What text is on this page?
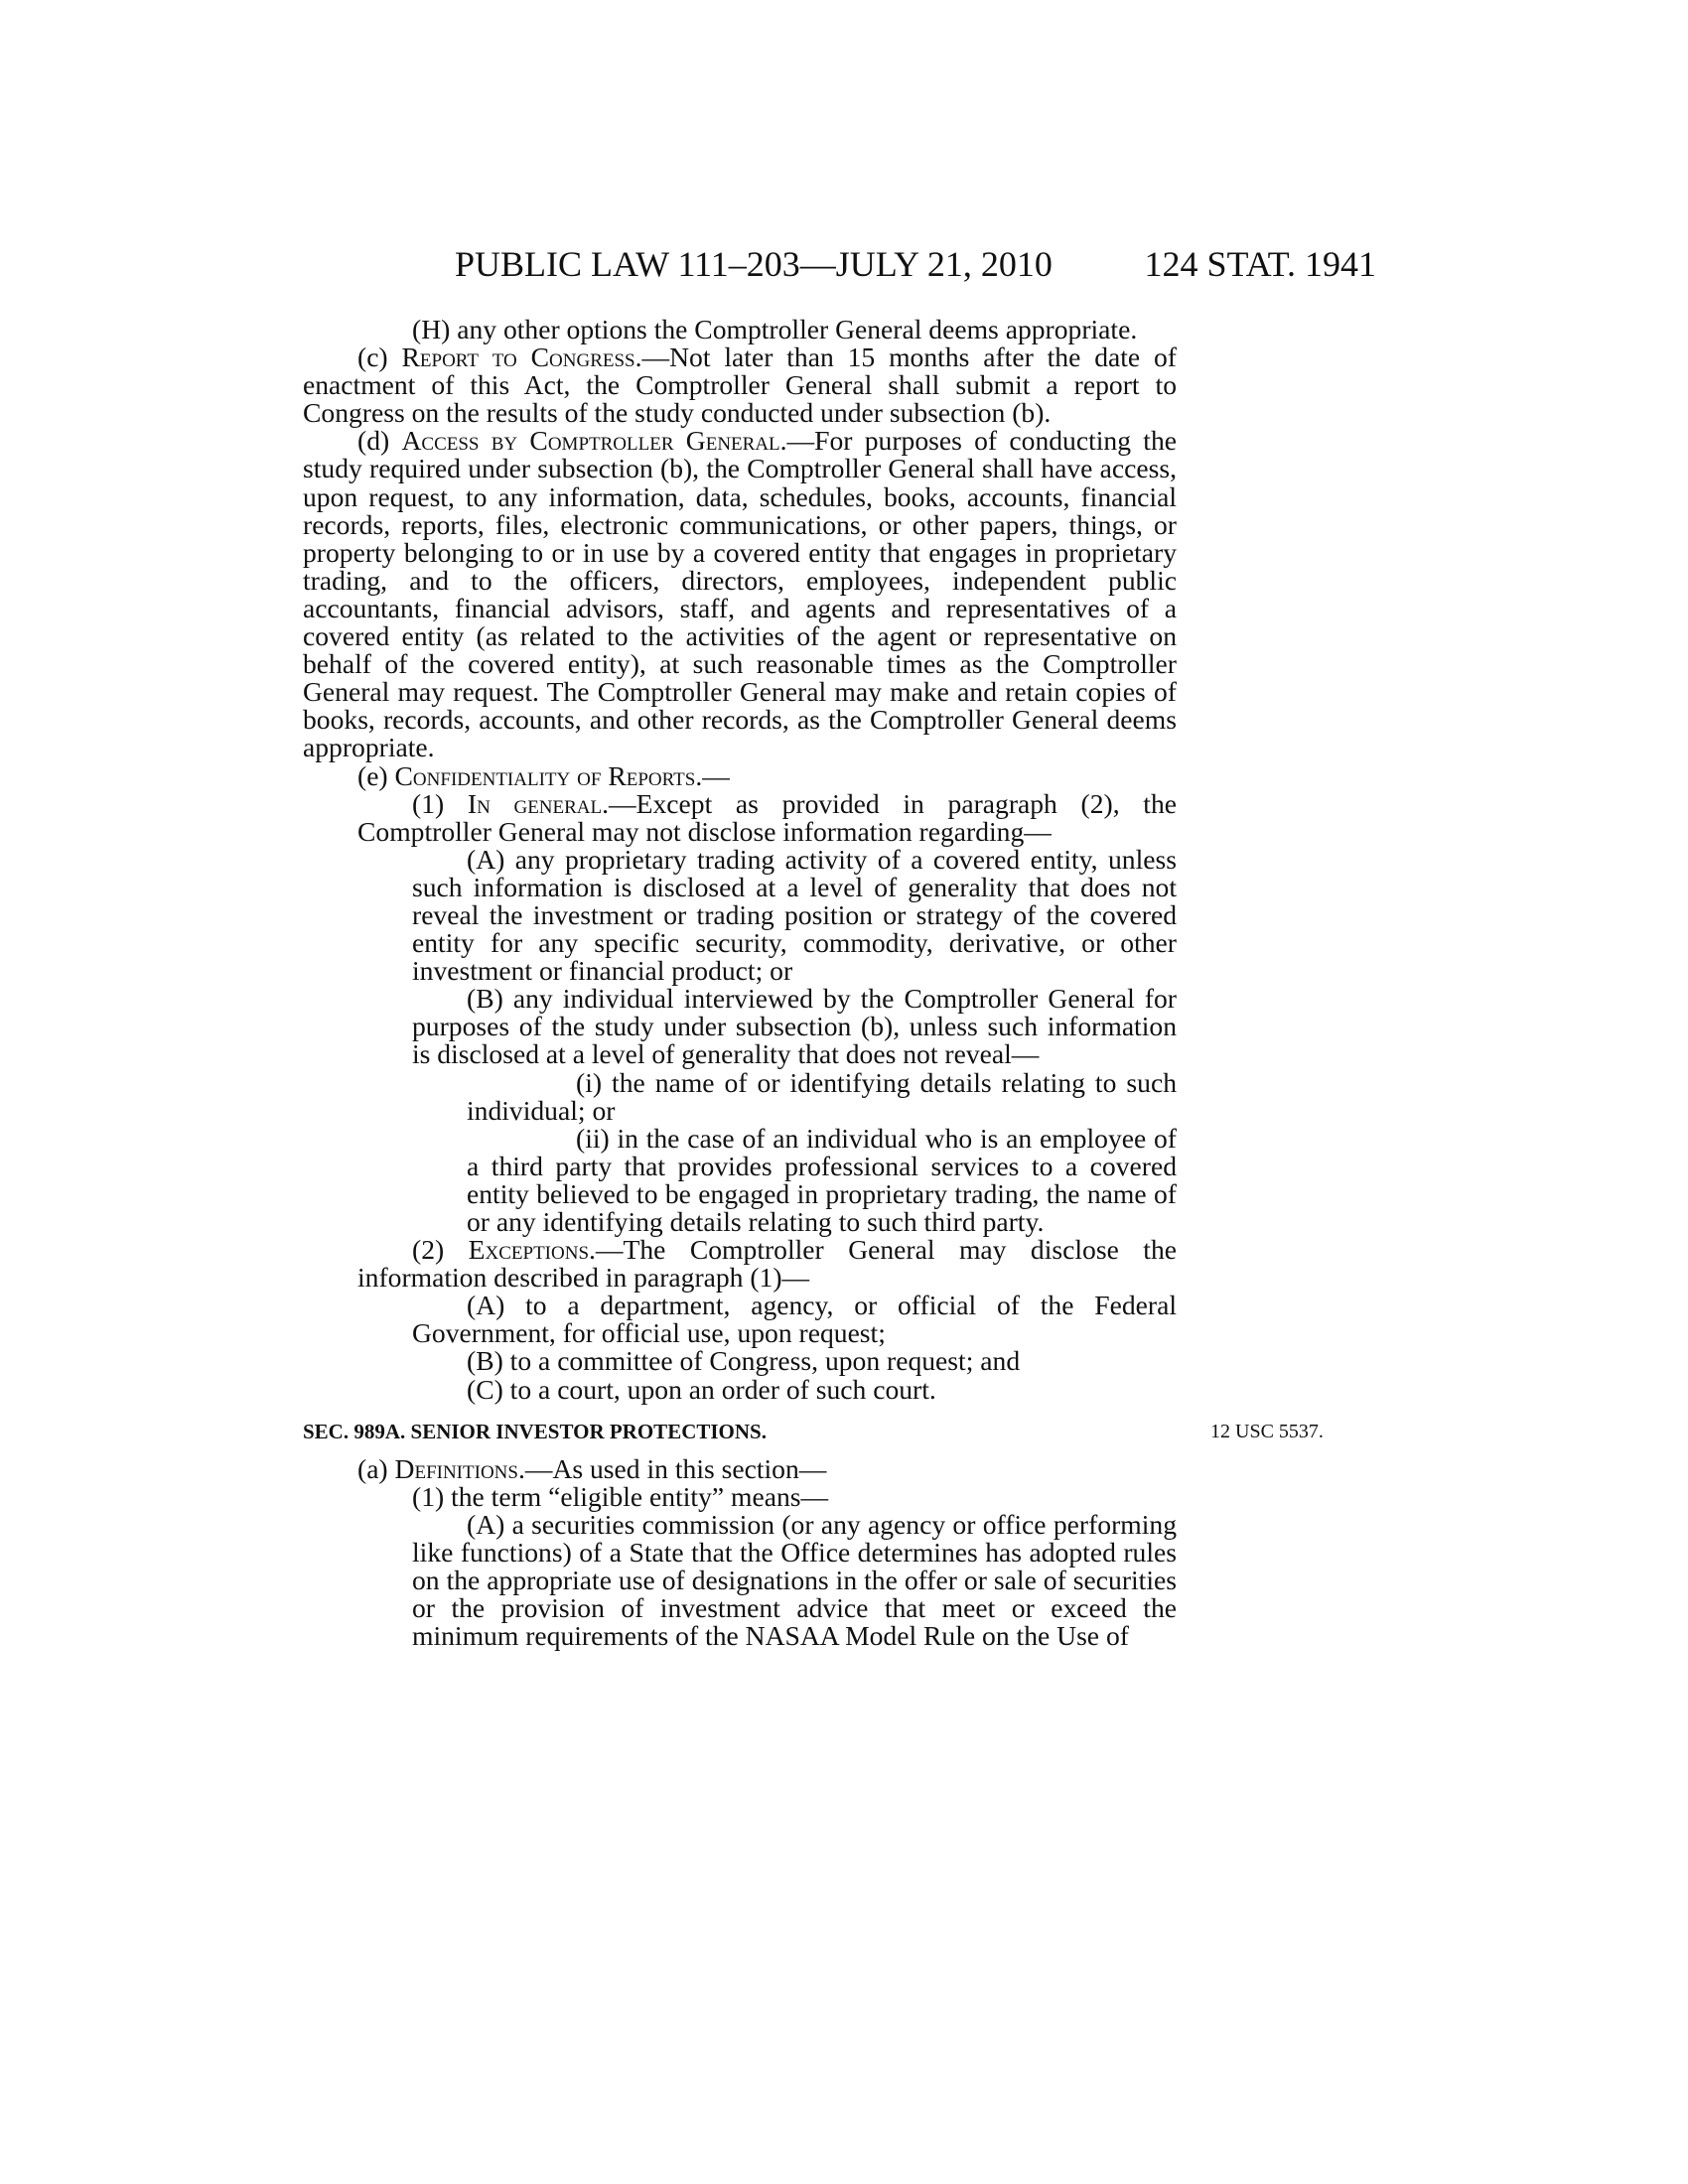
PUBLIC LAW 111–203—JULY 21, 2010	124 STAT. 1941

(H) any other options the Comptroller General deems appropriate.

(c) Report to Congress.—Not later than 15 months after the date of enactment of this Act, the Comptroller General shall submit a report to Congress on the results of the study conducted under subsection (b).

(d) Access by Comptroller General.—For purposes of conducting the study required under subsection (b), the Comptroller General shall have access, upon request, to any information, data, schedules, books, accounts, financial records, reports, files, electronic communications, or other papers, things, or property belonging to or in use by a covered entity that engages in proprietary trading, and to the officers, directors, employees, independent public accountants, financial advisors, staff, and agents and representatives of a covered entity (as related to the activities of the agent or representative on behalf of the covered entity), at such reasonable times as the Comptroller General may request. The Comptroller General may make and retain copies of books, records, accounts, and other records, as the Comptroller General deems appropriate.

(e) Confidentiality of Reports.—

(1) In general.—Except as provided in paragraph (2), the Comptroller General may not disclose information regarding—

(A) any proprietary trading activity of a covered entity, unless such information is disclosed at a level of generality that does not reveal the investment or trading position or strategy of the covered entity for any specific security, commodity, derivative, or other investment or financial product; or

(B) any individual interviewed by the Comptroller General for purposes of the study under subsection (b), unless such information is disclosed at a level of generality that does not reveal—

(i) the name of or identifying details relating to such individual; or

(ii) in the case of an individual who is an employee of a third party that provides professional services to a covered entity believed to be engaged in proprietary trading, the name of or any identifying details relating to such third party.

(2) Exceptions.—The Comptroller General may disclose the information described in paragraph (1)—

(A) to a department, agency, or official of the Federal Government, for official use, upon request;

(B) to a committee of Congress, upon request; and

(C) to a court, upon an order of such court.

SEC. 989A. SENIOR INVESTOR PROTECTIONS.

(a) Definitions.—As used in this section—

(1) the term “eligible entity” means—

(A) a securities commission (or any agency or office performing like functions) of a State that the Office determines has adopted rules on the appropriate use of designations in the offer or sale of securities or the provision of investment advice that meet or exceed the minimum requirements of the NASAA Model Rule on the Use of

12 USC 5537.
